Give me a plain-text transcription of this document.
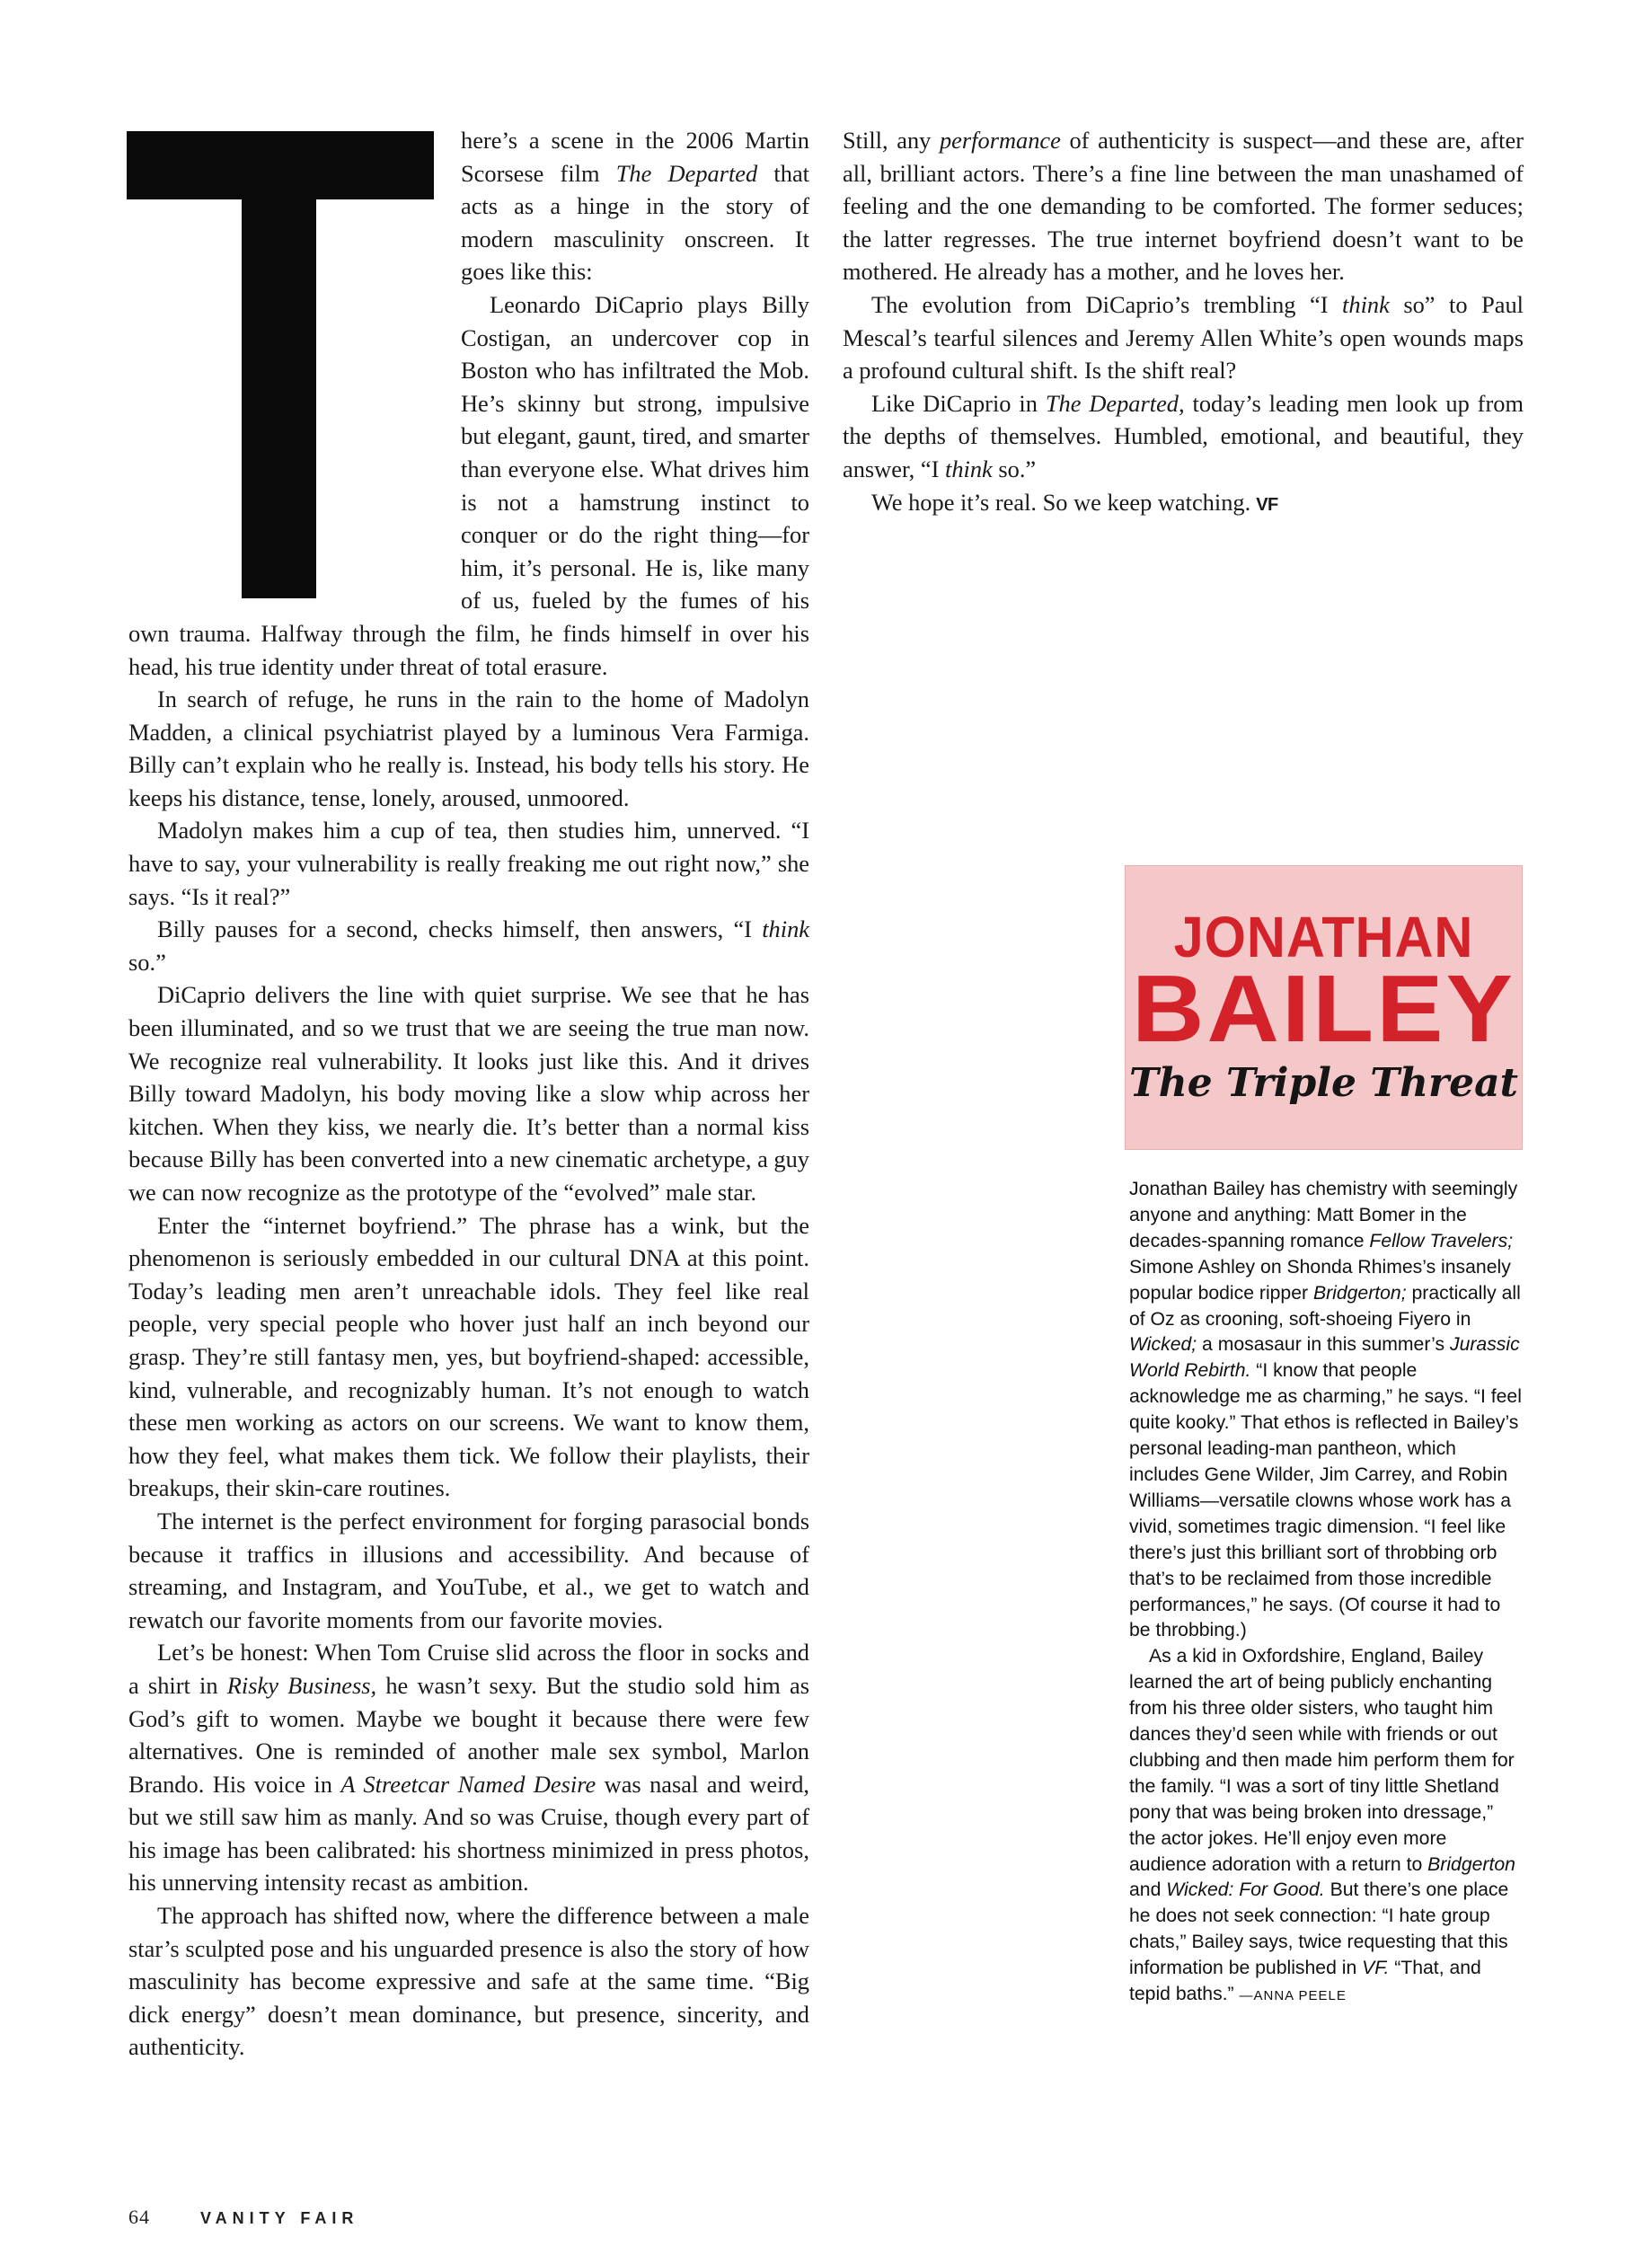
here’s a scene in the 2006 Martin Scorsese film The Departed that acts as a hinge in the story of modern masculinity onscreen. It goes like this:

Leonardo DiCaprio plays Billy Costigan, an undercover cop in Boston who has infiltrated the Mob. He’s skinny but strong, impulsive but elegant, gaunt, tired, and smarter than everyone else. What drives him is not a hamstrung instinct to conquer or do the right thing—for him, it’s personal. He is, like many of us, fueled by the fumes of his own trauma. Halfway through the film, he finds himself in over his head, his true identity under threat of total erasure.

In search of refuge, he runs in the rain to the home of Madolyn Madden, a clinical psychiatrist played by a luminous Vera Farmiga. Billy can’t explain who he really is. Instead, his body tells his story. He keeps his distance, tense, lonely, aroused, unmoored.

Madolyn makes him a cup of tea, then studies him, unnerved. “I have to say, your vulnerability is really freaking me out right now,” she says. “Is it real?”

Billy pauses for a second, checks himself, then answers, “I think so.”

DiCaprio delivers the line with quiet surprise. We see that he has been illuminated, and so we trust that we are seeing the true man now. We recognize real vulnerability. It looks just like this. And it drives Billy toward Madolyn, his body moving like a slow whip across her kitchen. When they kiss, we nearly die. It’s better than a normal kiss because Billy has been converted into a new cinematic archetype, a guy we can now recognize as the prototype of the “evolved” male star.

Enter the “internet boyfriend.” The phrase has a wink, but the phenomenon is seriously embedded in our cultural DNA at this point. Today’s leading men aren’t unreachable idols. They feel like real people, very special people who hover just half an inch beyond our grasp. They’re still fantasy men, yes, but boyfriend-shaped: accessible, kind, vulnerable, and recognizably human. It’s not enough to watch these men working as actors on our screens. We want to know them, how they feel, what makes them tick. We follow their playlists, their breakups, their skin-care routines.

The internet is the perfect environment for forging parasocial bonds because it traffics in illusions and accessibility. And because of streaming, and Instagram, and YouTube, et al., we get to watch and rewatch our favorite moments from our favorite movies.

Let’s be honest: When Tom Cruise slid across the floor in socks and a shirt in Risky Business, he wasn’t sexy. But the studio sold him as God’s gift to women. Maybe we bought it because there were few alternatives. One is reminded of another male sex symbol, Marlon Brando. His voice in A Streetcar Named Desire was nasal and weird, but we still saw him as manly. And so was Cruise, though every part of his image has been calibrated: his shortness minimized in press photos, his unnerving intensity recast as ambition.

The approach has shifted now, where the difference between a male star’s sculpted pose and his unguarded presence is also the story of how masculinity has become expressive and safe at the same time. “Big dick energy” doesn’t mean dominance, but presence, sincerity, and authenticity.

Still, any performance of authenticity is suspect—and these are, after all, brilliant actors. There’s a fine line between the man unashamed of feeling and the one demanding to be comforted. The former seduces; the latter regresses. The true internet boyfriend doesn’t want to be mothered. He already has a mother, and he loves her.

The evolution from DiCaprio’s trembling “I think so” to Paul Mescal’s tearful silences and Jeremy Allen White’s open wounds maps a profound cultural shift. Is the shift real?

Like DiCaprio in The Departed, today’s leading men look up from the depths of themselves. Humbled, emotional, and beautiful, they answer, “I think so.”

We hope it’s real. So we keep watching. VF

JONATHAN
BAILEY
The Triple Threat

Jonathan Bailey has chemistry with seemingly anyone and anything: Matt Bomer in the decades-spanning romance Fellow Travelers; Simone Ashley on Shonda Rhimes’s insanely popular bodice ripper Bridgerton; practically all of Oz as crooning, soft-shoeing Fiyero in Wicked; a mosasaur in this summer’s Jurassic World Rebirth. “I know that people acknowledge me as charming,” he says. “I feel quite kooky.” That ethos is reflected in Bailey’s personal leading-man pantheon, which includes Gene Wilder, Jim Carrey, and Robin Williams—versatile clowns whose work has a vivid, sometimes tragic dimension. “I feel like there’s just this brilliant sort of throbbing orb that’s to be reclaimed from those incredible performances,” he says. (Of course it had to be throbbing.)

As a kid in Oxfordshire, England, Bailey learned the art of being publicly enchanting from his three older sisters, who taught him dances they’d seen while with friends or out clubbing and then made him perform them for the family. “I was a sort of tiny little Shetland pony that was being broken into dressage,” the actor jokes. He’ll enjoy even more audience adoration with a return to Bridgerton and Wicked: For Good. But there’s one place he does not seek connection: “I hate group chats,” Bailey says, twice requesting that this information be published in VF. “That, and tepid baths.” —ANNA PEELE

64	VANITY FAIR
